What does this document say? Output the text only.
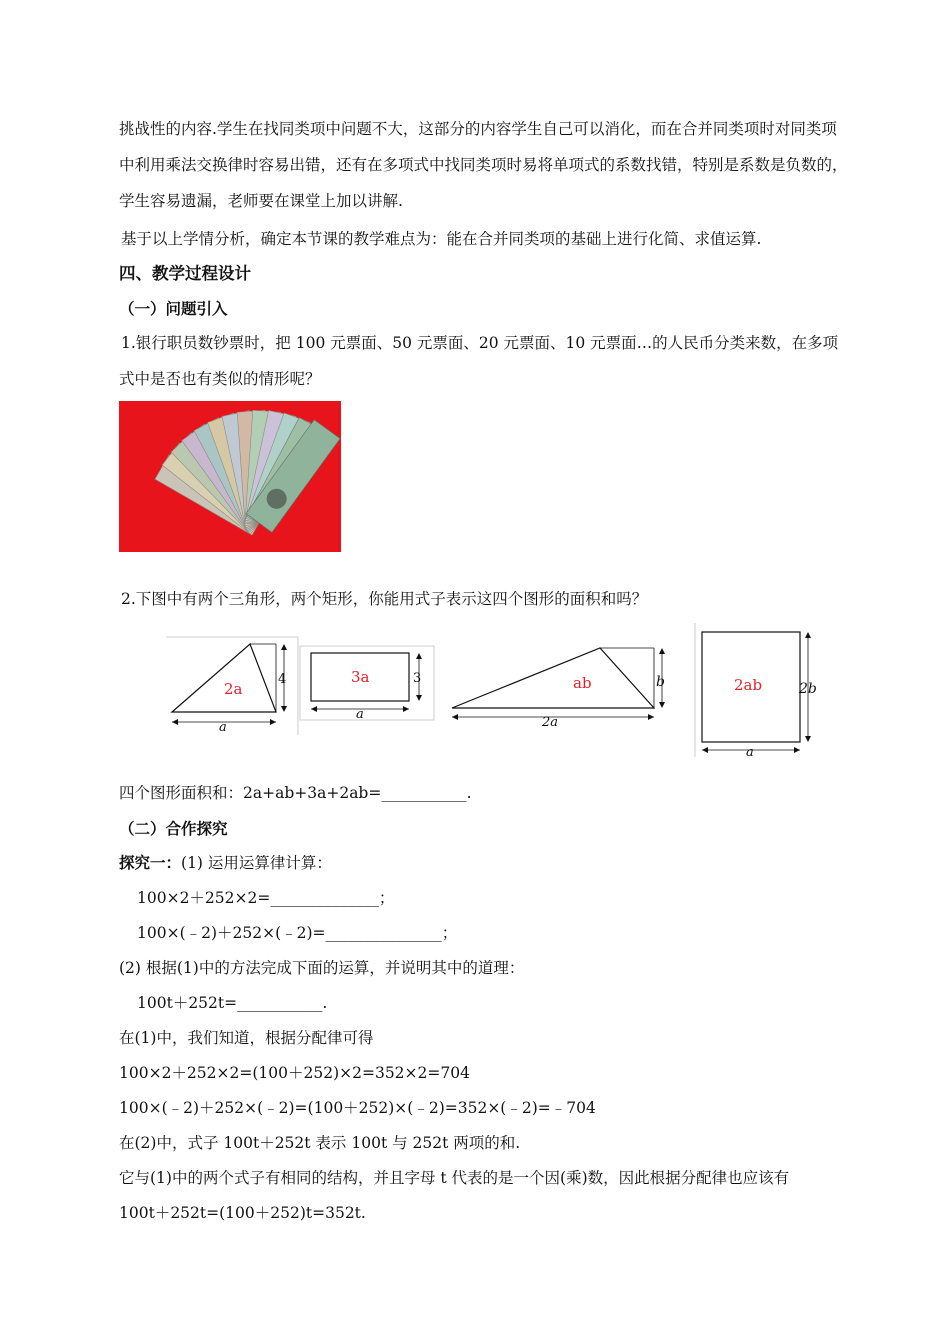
挑战性的内容.学生在找同类项中问题不大，这部分的内容学生自己可以消化，而在合并同类项时对同类项
中利用乘法交换律时容易出错，还有在多项式中找同类项时易将单项式的系数找错，特别是系数是负数的，
学生容易遗漏，老师要在课堂上加以讲解.
基于以上学情分析，确定本节课的教学难点为：能在合并同类项的基础上进行化简、求值运算.
四、教学过程设计
（一）问题引入
1.银行职员数钞票时，把 100 元票面、50 元票面、20 元票面、10 元票面…的人民币分类来数，在多项
式中是否也有类似的情形呢？
2.下图中有两个三角形，两个矩形，你能用式子表示这四个图形的面积和吗？
2a
4
a
3a	3
a
ab	b
2a
2ab	2b
a
四个图形面积和：2a+ab+3a+2ab=___________.
（二）合作探究
探究一：(1) 运用运算律计算：
100×2＋252×2=______________；
100×(﹣2)＋252×(﹣2)=_______________；
(2) 根据(1)中的方法完成下面的运算，并说明其中的道理：
100t＋252t=___________.
在(1)中，我们知道，根据分配律可得
100×2＋252×2=(100＋252)×2=352×2=704
100×(﹣2)＋252×(﹣2)=(100＋252)×(﹣2)=352×(﹣2)=﹣704
在(2)中，式子 100t＋252t 表示 100t 与 252t 两项的和.
它与(1)中的两个式子有相同的结构，并且字母 t 代表的是一个因(乘)数，因此根据分配律也应该有
100t＋252t=(100＋252)t=352t.
